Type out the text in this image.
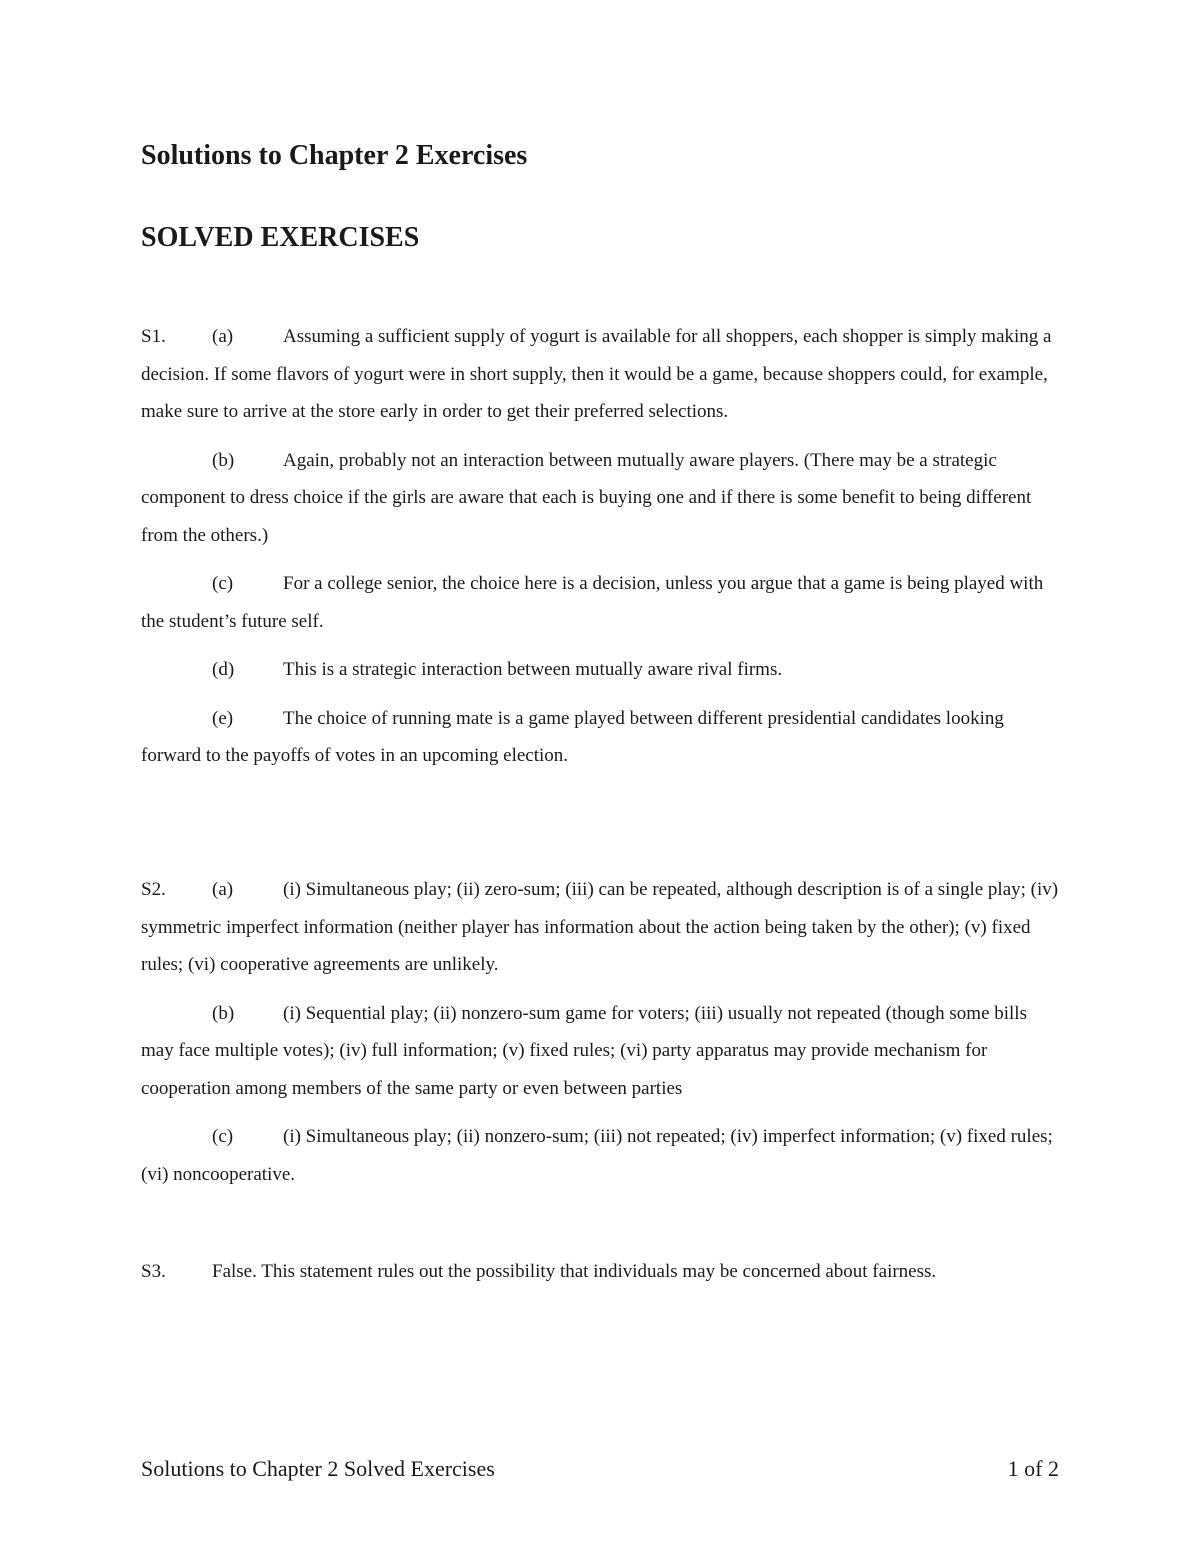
Solutions to Chapter 2 Exercises
SOLVED EXERCISES

S1. (a)	Assuming a sufficient supply of yogurt is available for all shoppers, each shopper is simply making a decision. If some flavors of yogurt were in short supply, then it would be a game, because shoppers could, for example, make sure to arrive at the store early in order to get their preferred selections.

(b)	Again, probably not an interaction between mutually aware players. (There may be a strategic component to dress choice if the girls are aware that each is buying one and if there is some benefit to being different from the others.)

(c)	For a college senior, the choice here is a decision, unless you argue that a game is being played with the student’s future self.

(d)	This is a strategic interaction between mutually aware rival firms.

(e)	The choice of running mate is a game played between different presidential candidates looking forward to the payoffs of votes in an upcoming election.

S2. (a)	(i) Simultaneous play; (ii) zero-sum; (iii) can be repeated, although description is of a single play; (iv) symmetric imperfect information (neither player has information about the action being taken by the other); (v) fixed rules; (vi) cooperative agreements are unlikely.

(b)	(i) Sequential play; (ii) nonzero-sum game for voters; (iii) usually not repeated (though some bills may face multiple votes); (iv) full information; (v) fixed rules; (vi) party apparatus may provide mechanism for cooperation among members of the same party or even between parties

(c)	(i) Simultaneous play; (ii) nonzero-sum; (iii) not repeated; (iv) imperfect information; (v) fixed rules; (vi) noncooperative.

S3. False. This statement rules out the possibility that individuals may be concerned about fairness.

Solutions to Chapter 2 Solved Exercises	1 of 2
